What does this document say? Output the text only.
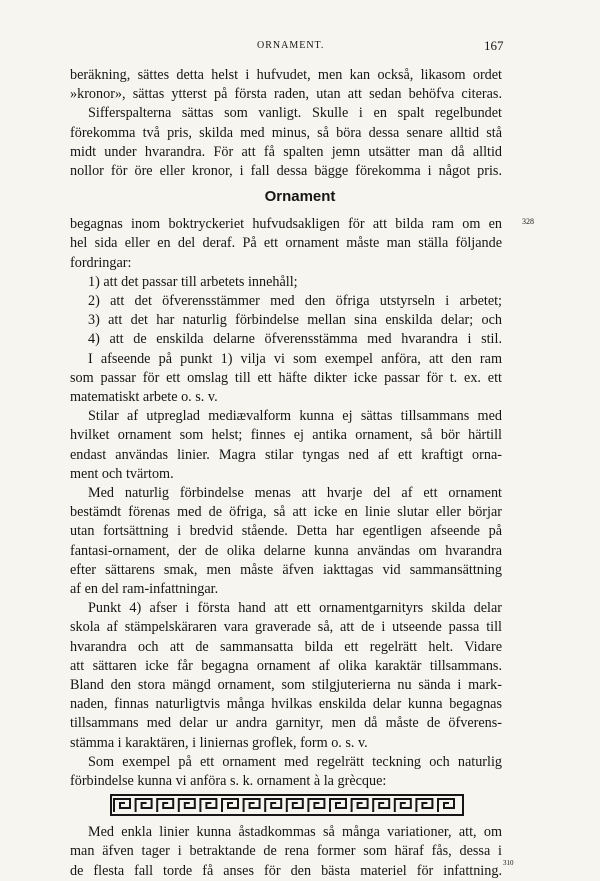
ORNAMENT.	167
beräkning, sättes detta helst i hufvudet, men kan också, likasom ordet
»kronor», sättas ytterst på första raden, utan att sedan behöfva citeras.
Sifferspalterna sättas som vanligt. Skulle i en spalt regelbundet
förekomma två pris, skilda med minus, så böra dessa senare alltid stå
midt under hvarandra. För att få spalten jemn utsätter man då alltid
nollor för öre eller kronor, i fall dessa bägge förekomma i något pris.
Ornament
begagnas inom boktryckeriet hufvudsakligen för att bilda ram om en	328
hel sida eller en del deraf. På ett ornament måste man ställa följande
fordringar:
1) att det passar till arbetets innehåll;
2) att det öfverensstämmer med den öfriga utstyrseln i arbetet;
3) att det har naturlig förbindelse mellan sina enskilda delar; och
4) att de enskilda delarne öfverensstämma med hvarandra i stil.
I afseende på punkt 1) vilja vi som exempel anföra, att den ram
som passar för ett omslag till ett häfte dikter icke passar för t. ex. ett
matematiskt arbete o. s. v.
Stilar af utpreglad mediævalform kunna ej sättas tillsammans med
hvilket ornament som helst; finnes ej antika ornament, så bör härtill
endast användas linier. Magra stilar tyngas ned af ett kraftigt orna-
ment och tvärtom.
Med naturlig förbindelse menas att hvarje del af ett ornament
bestämdt förenas med de öfriga, så att icke en linie slutar eller börjar
utan fortsättning i bredvid stående. Detta har egentligen afseende på
fantasi-ornament, der de olika delarne kunna användas om hvarandra
efter sättarens smak, men måste äfven iakttagas vid sammansättning
af en del ram-infattningar.
Punkt 4) afser i första hand att ett ornamentgarnityrs skilda delar
skola af stämpelskäraren vara graverade så, att de i utseende passa till
hvarandra och att de sammansatta bilda ett regelrätt helt. Vidare
att sättaren icke får begagna ornament af olika karaktär tillsammans.
Bland den stora mängd ornament, som stilgjuterierna nu sända i mark-
naden, finnas naturligtvis många hvilkas enskilda delar kunna begagnas
tillsammans med delar ur andra garnityr, men då måste de öfverens-
stämma i karaktären, i liniernas groflek, form o. s. v.
Som exempel på ett ornament med regelrätt teckning och naturlig
förbindelse kunna vi anföra s. k. ornament à la grècque:
Med enkla linier kunna åstadkommas så många variationer, att, om
man äfven tager i betraktande de rena former som häraf fås, dessa i
de flesta fall torde få anses för den bästa materiel för infattning. $_{310}$
